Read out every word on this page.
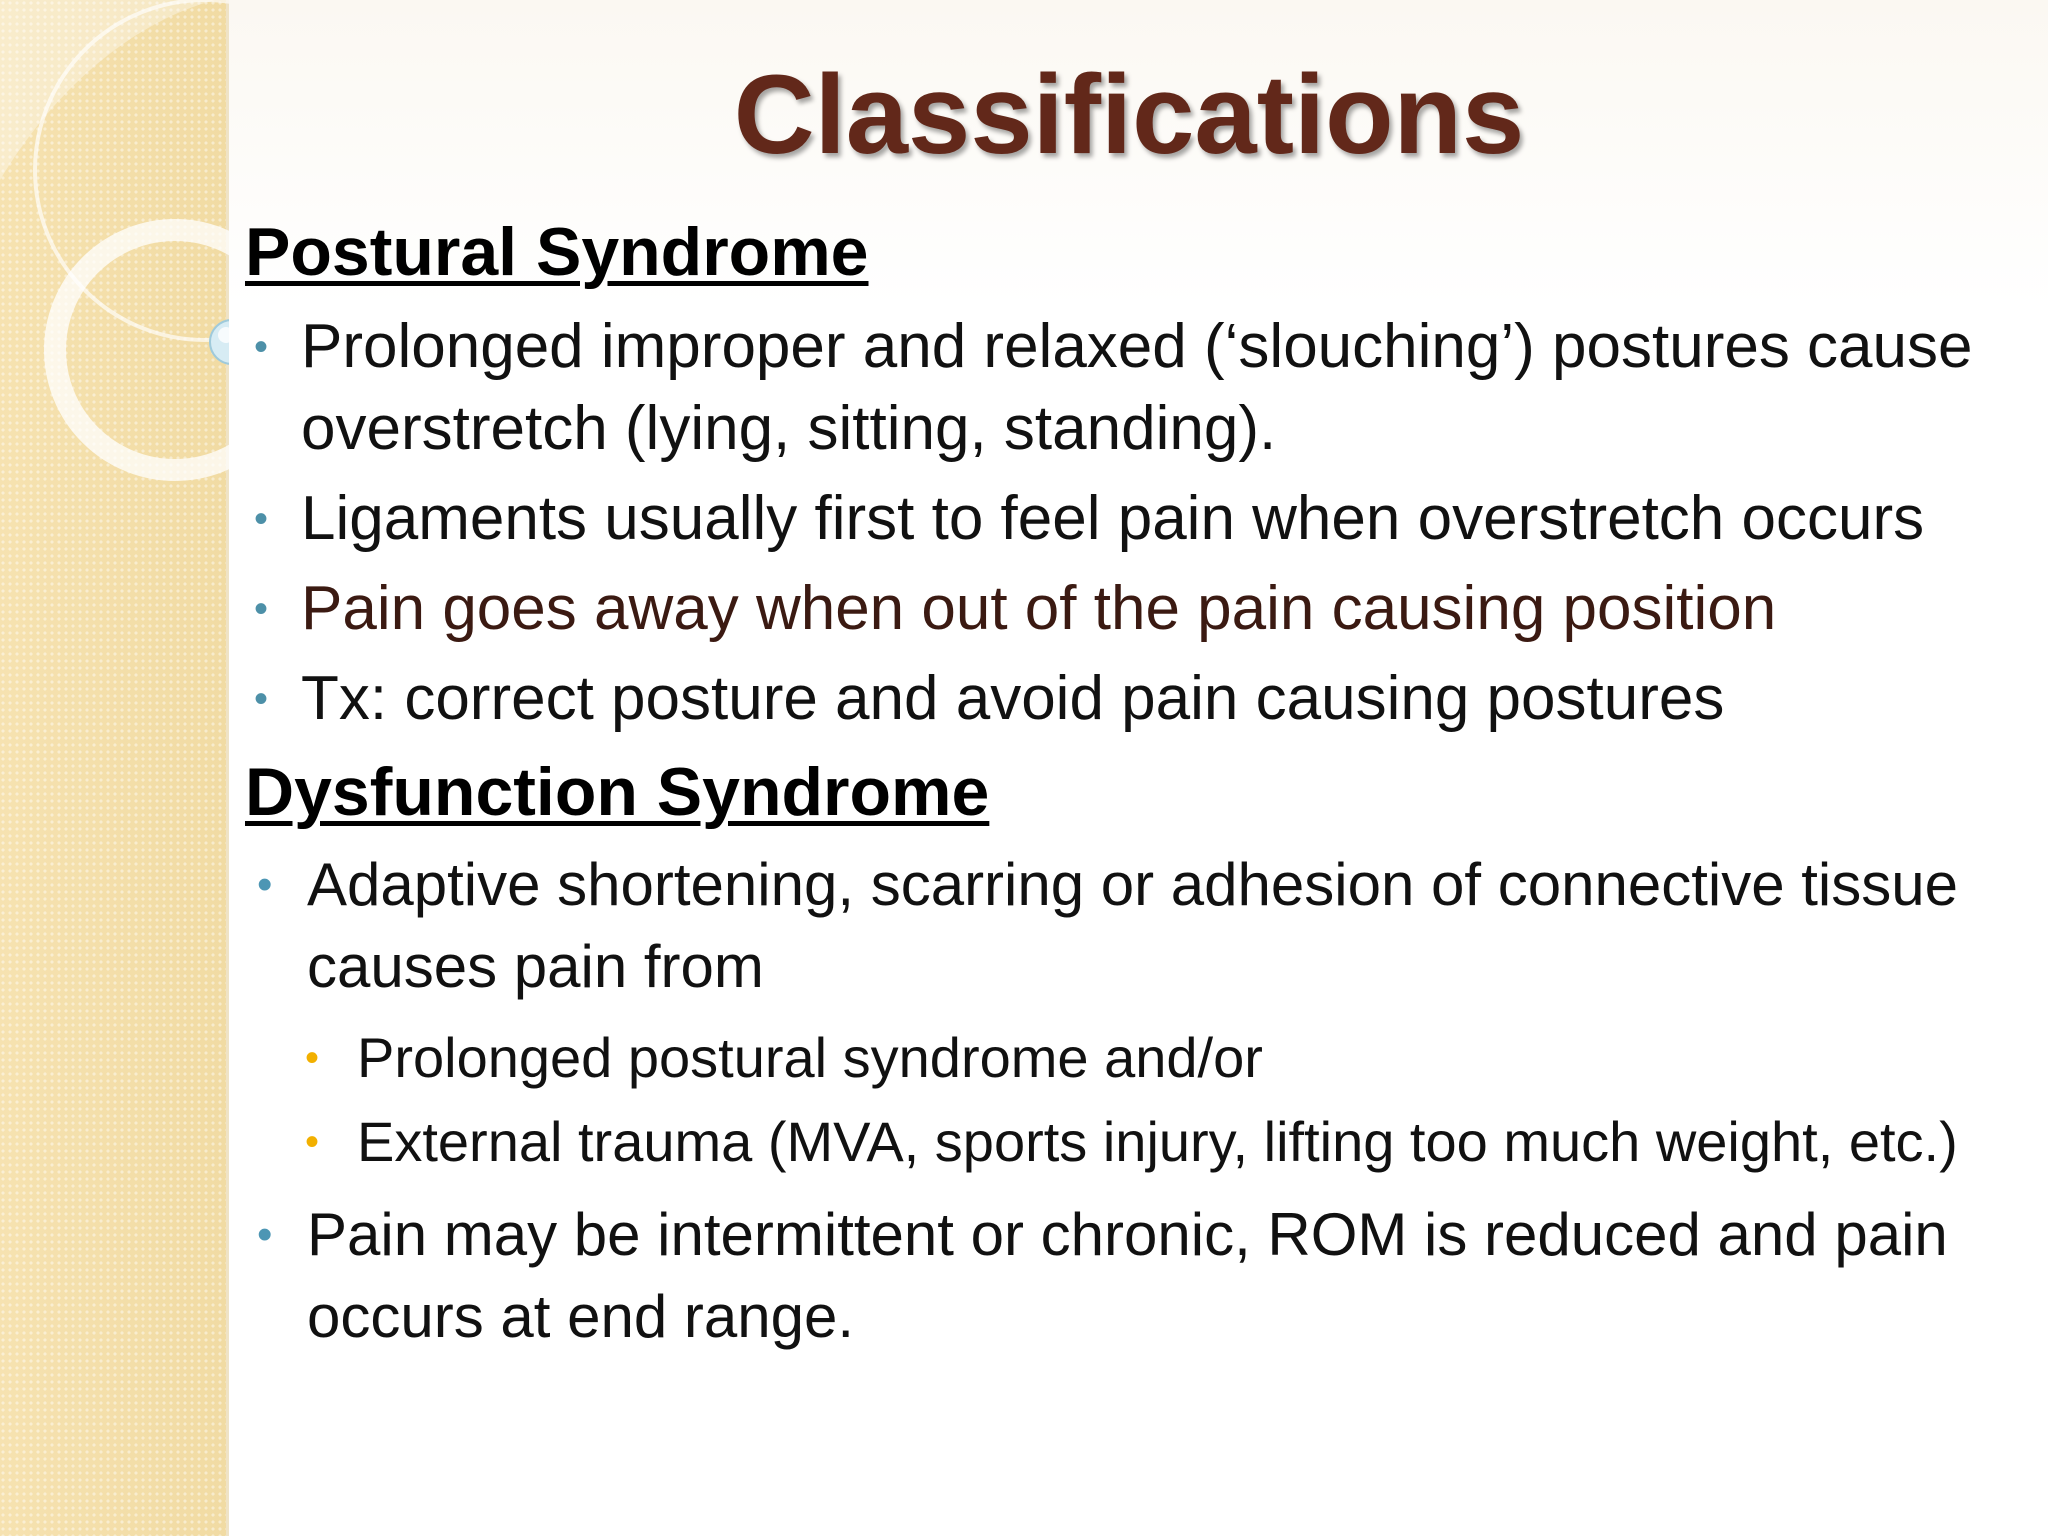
Classifications
Postural Syndrome
• Prolonged improper and relaxed (‘slouching’) postures cause overstretch (lying, sitting, standing).
• Ligaments usually first to feel pain when overstretch occurs
• Pain goes away when out of the pain causing position
• Tx: correct posture and avoid pain causing postures
Dysfunction Syndrome
• Adaptive shortening, scarring or adhesion of connective tissue causes pain from
• Prolonged postural syndrome and/or
• External trauma (MVA, sports injury, lifting too much weight, etc.)
• Pain may be intermittent or chronic, ROM is reduced and pain occurs at end range.
